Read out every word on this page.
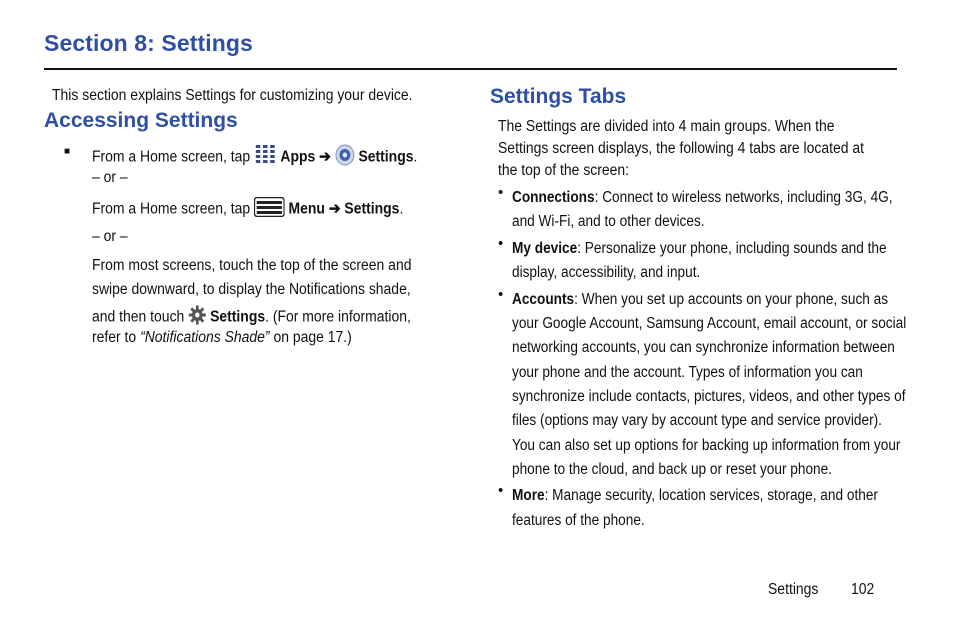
Section 8: Settings
This section explains Settings for customizing your device.
Accessing Settings
■ From a Home screen, tap Apps ➔ Settings.
– or –
From a Home screen, tap Menu ➔ Settings.
– or –
From most screens, touch the top of the screen and
swipe downward, to display the Notifications shade,
and then touch Settings. (For more information,
refer to “Notifications Shade” on page 17.)
Settings Tabs
The Settings are divided into 4 main groups. When the
Settings screen displays, the following 4 tabs are located at
the top of the screen:
• Connections: Connect to wireless networks, including 3G, 4G,
and Wi-Fi, and to other devices.
• My device: Personalize your phone, including sounds and the
display, accessibility, and input.
• Accounts: When you set up accounts on your phone, such as
your Google Account, Samsung Account, email account, or social
networking accounts, you can synchronize information between
your phone and the account. Types of information you can
synchronize include contacts, pictures, videos, and other types of
files (options may vary by account type and service provider).
You can also set up options for backing up information from your
phone to the cloud, and back up or reset your phone.
• More: Manage security, location services, storage, and other
features of the phone.
Settings 102
